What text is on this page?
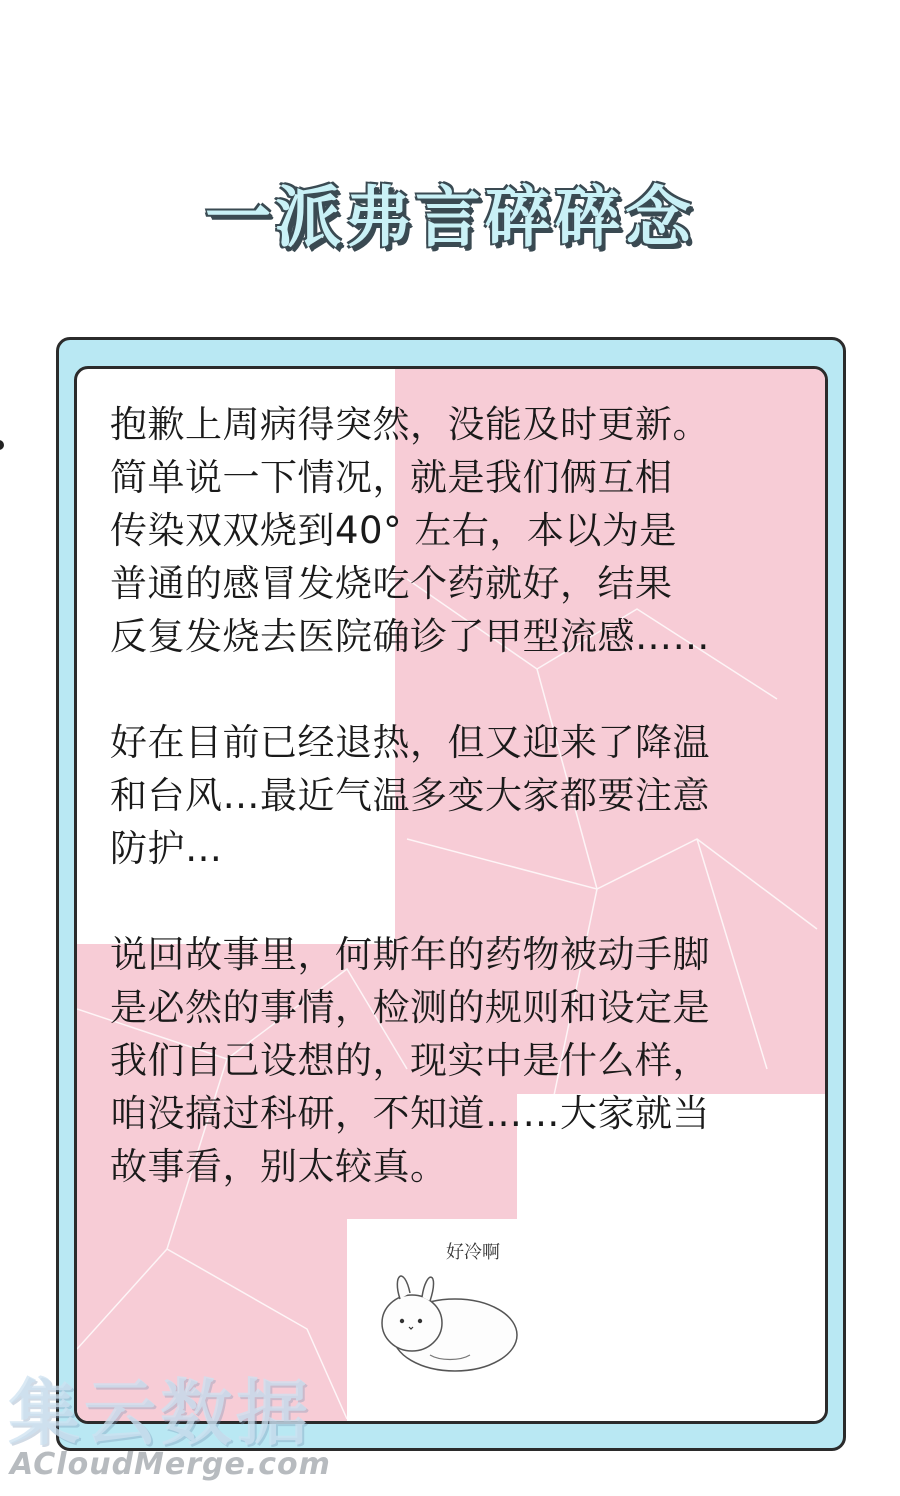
一派弗言碎碎念

抱歉上周病得突然，没能及时更新。
简单说一下情况，就是我们俩互相
传染双双烧到40° 左右，本以为是
普通的感冒发烧吃个药就好，结果
反复发烧去医院确诊了甲型流感……

好在目前已经退热，但又迎来了降温
和台风…最近气温多变大家都要注意
防护…

说回故事里，何斯年的药物被动手脚
是必然的事情，检测的规则和设定是
我们自己设想的，现实中是什么样，
咱没搞过科研，不知道……大家就当
故事看，别太较真。

好冷啊
集云数据
ACloudMerge.com
